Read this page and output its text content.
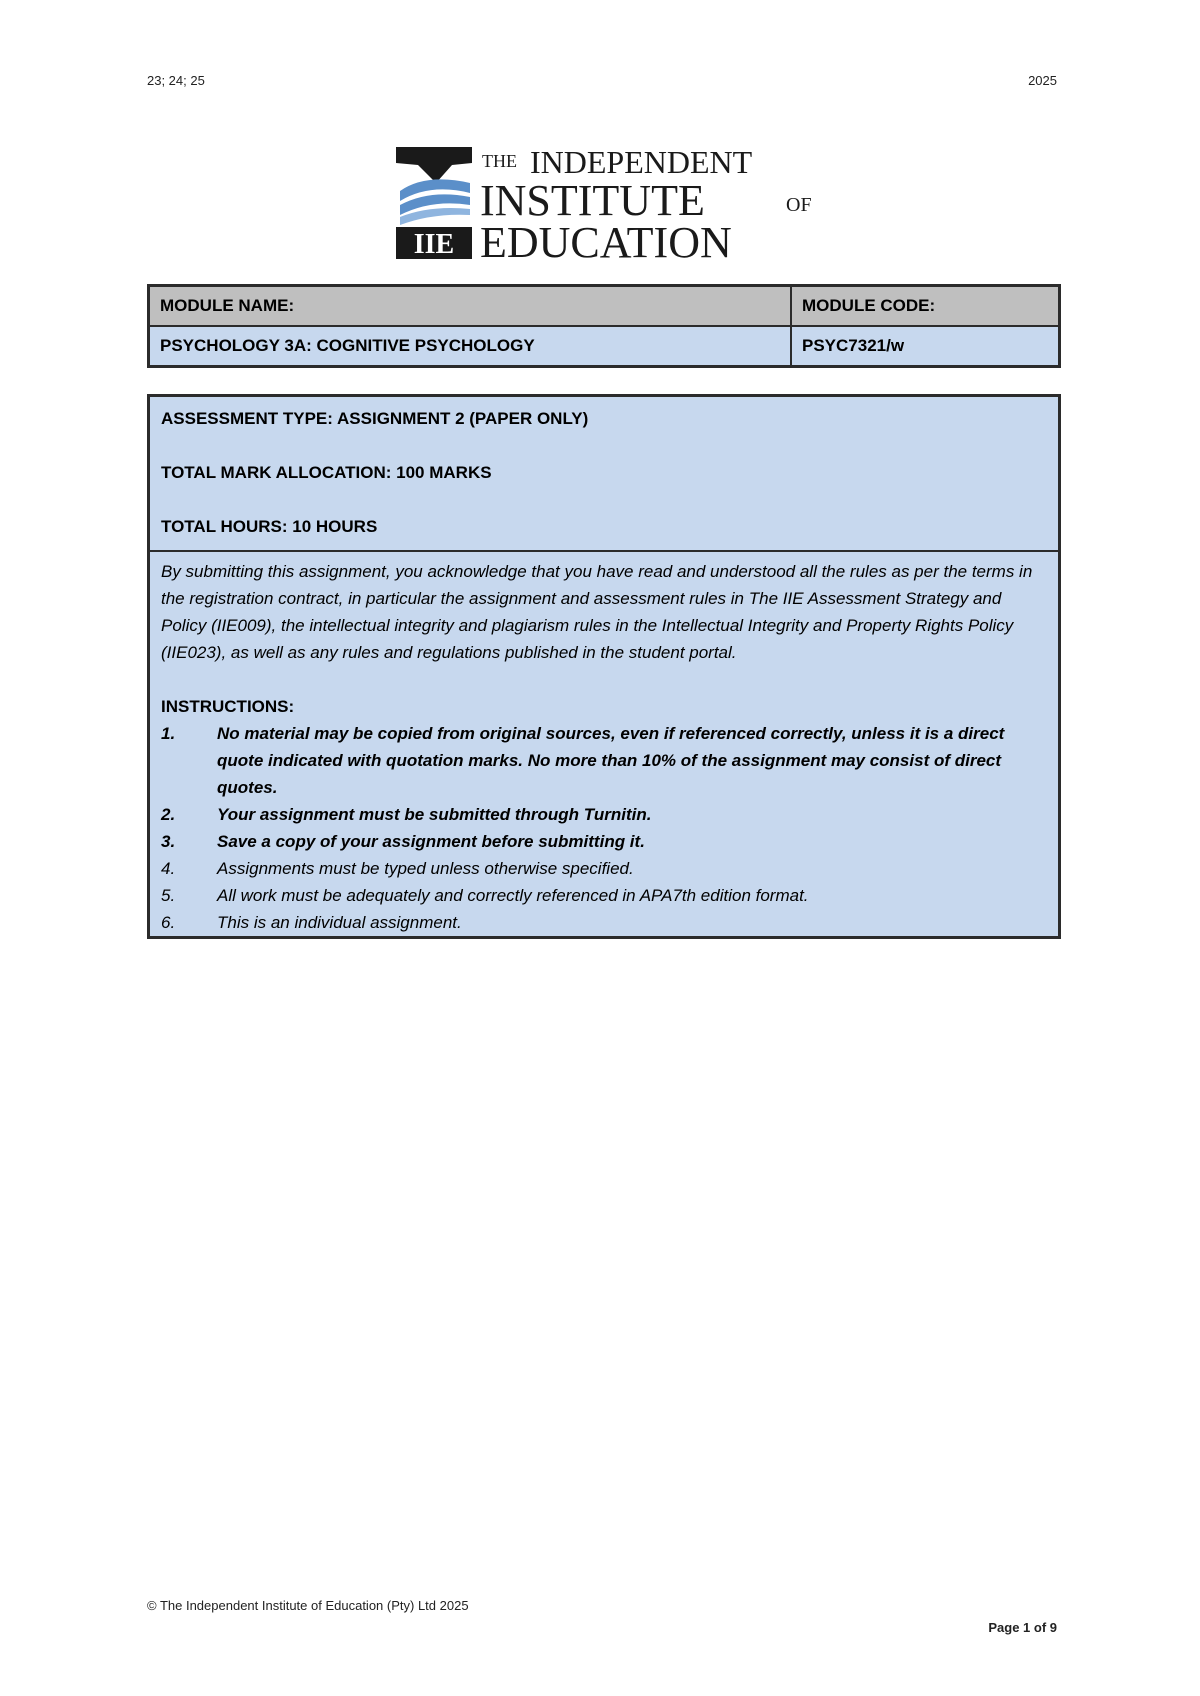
23; 24; 25	2025
IIE
THE INDEPENDENT
INSTITUTE	OF
EDUCATION
MODULE NAME:	MODULE CODE:
PSYCHOLOGY 3A: COGNITIVE PSYCHOLOGY	PSYC7321/w

ASSESSMENT TYPE: ASSIGNMENT 2 (PAPER ONLY)

TOTAL MARK ALLOCATION: 100 MARKS

TOTAL HOURS: 10 HOURS

By submitting this assignment, you acknowledge that you have read and understood all the rules as per the terms in the registration contract, in particular the assignment and assessment rules in The IIE Assessment Strategy and Policy (IIE009), the intellectual integrity and plagiarism rules in the Intellectual Integrity and Property Rights Policy (IIE023), as well as any rules and regulations published in the student portal.

INSTRUCTIONS:

1. No material may be copied from original sources, even if referenced correctly, unless it is a direct quote indicated with quotation marks. No more than 10% of the assignment may consist of direct quotes.
2. Your assignment must be submitted through Turnitin.
3. Save a copy of your assignment before submitting it.
4. Assignments must be typed unless otherwise specified.
5. All work must be adequately and correctly referenced in APA7th edition format.
6. This is an individual assignment.
© The Independent Institute of Education (Pty) Ltd 2025
Page 1 of 9
